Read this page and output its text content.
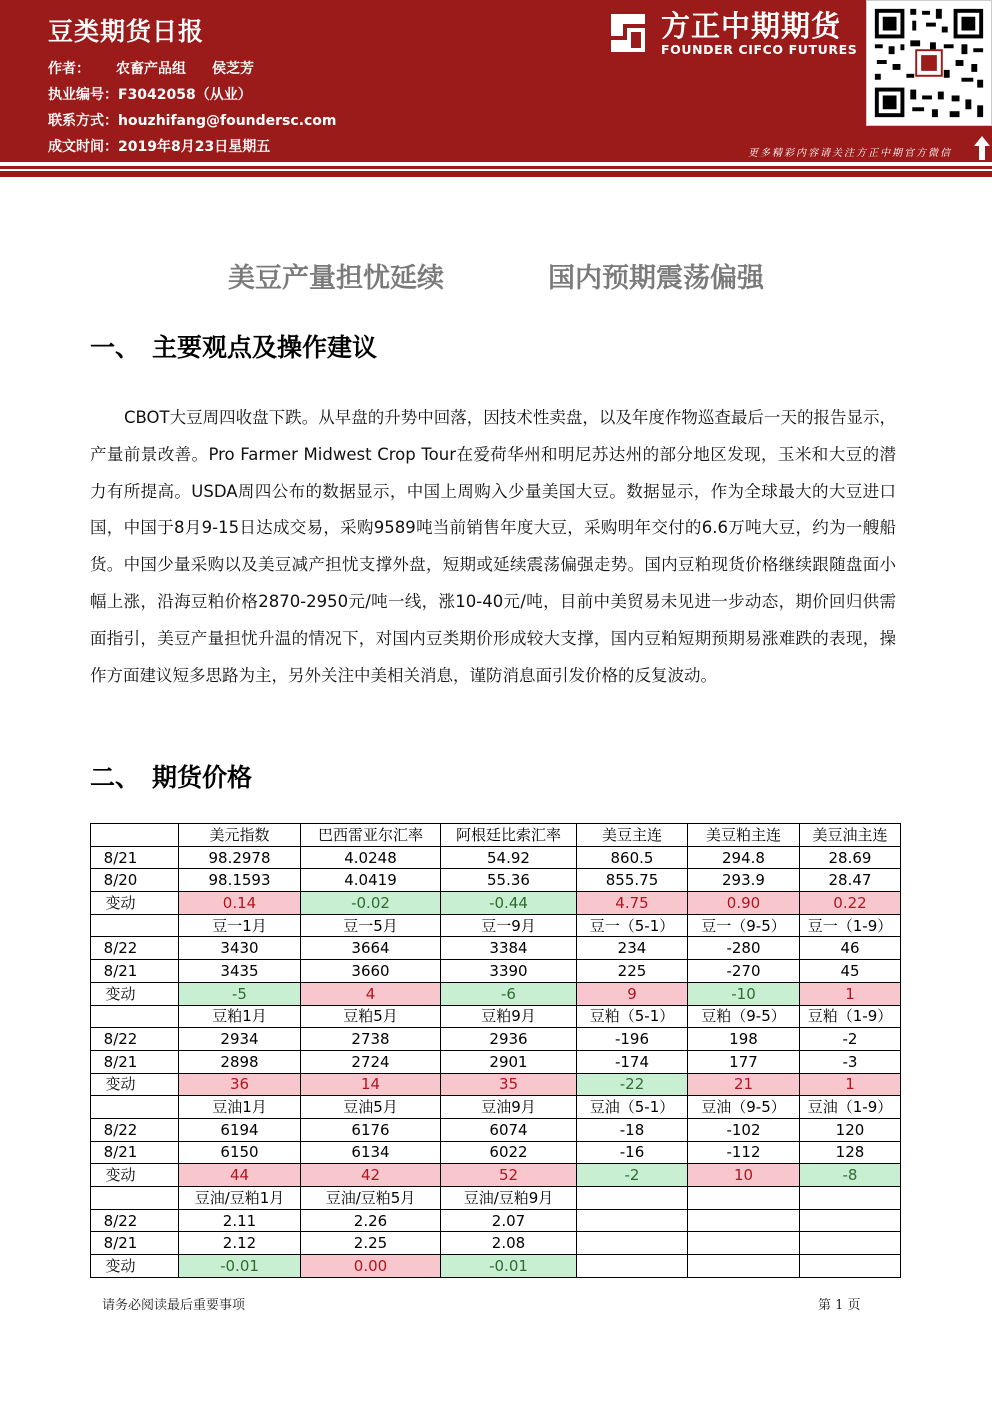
豆类期货日报
作者： 农畜产品组 侯芝芳
执业编号：F3042058（从业）
联系方式：houzhifang@foundersc.com
成文时间：2019年8月23日星期五
方正中期期货
FOUNDER CIFCO FUTURES
更多精彩内容请关注方正中期官方微信
美豆产量担忧延续	国内预期震荡偏强
一、 主要观点及操作建议
CBOT大豆周四收盘下跌。从早盘的升势中回落，因技术性卖盘，以及年度作物巡查最后一天的报告显示，产量前景改善。Pro Farmer Midwest Crop Tour在爱荷华州和明尼苏达州的部分地区发现，玉米和大豆的潜力有所提高。USDA周四公布的数据显示，中国上周购入少量美国大豆。数据显示，作为全球最大的大豆进口国，中国于8月9-15日达成交易，采购9589吨当前销售年度大豆，采购明年交付的6.6万吨大豆，约为一艘船货。中国少量采购以及美豆减产担忧支撑外盘，短期或延续震荡偏强走势。国内豆粕现货价格继续跟随盘面小幅上涨，沿海豆粕价格2870-2950元/吨一线，涨10-40元/吨，目前中美贸易未见进一步动态，期价回归供需面指引，美豆产量担忧升温的情况下，对国内豆类期价形成较大支撑，国内豆粕短期预期易涨难跌的表现，操作方面建议短多思路为主，另外关注中美相关消息，谨防消息面引发价格的反复波动。
二、 期货价格
	美元指数	巴西雷亚尔汇率	阿根廷比索汇率	美豆主连	美豆粕主连	美豆油主连
8/21	98.2978	4.0248	54.92	860.5	294.8	28.69
8/20	98.1593	4.0419	55.36	855.75	293.9	28.47
变动	0.14	-0.02	-0.44	4.75	0.90	0.22
	豆一1月	豆一5月	豆一9月	豆一（5-1）	豆一（9-5）	豆一（1-9）
8/22	3430	3664	3384	234	-280	46
8/21	3435	3660	3390	225	-270	45
变动	-5	4	-6	9	-10	1
	豆粕1月	豆粕5月	豆粕9月	豆粕（5-1）	豆粕（9-5）	豆粕（1-9）
8/22	2934	2738	2936	-196	198	-2
8/21	2898	2724	2901	-174	177	-3
变动	36	14	35	-22	21	1
	豆油1月	豆油5月	豆油9月	豆油（5-1）	豆油（9-5）	豆油（1-9）
8/22	6194	6176	6074	-18	-102	120
8/21	6150	6134	6022	-16	-112	128
变动	44	42	52	-2	10	-8
	豆油/豆粕1月	豆油/豆粕5月	豆油/豆粕9月			
8/22	2.11	2.26	2.07			
8/21	2.12	2.25	2.08			
变动	-0.01	0.00	-0.01			
请务必阅读最后重要事项	第 1 页
